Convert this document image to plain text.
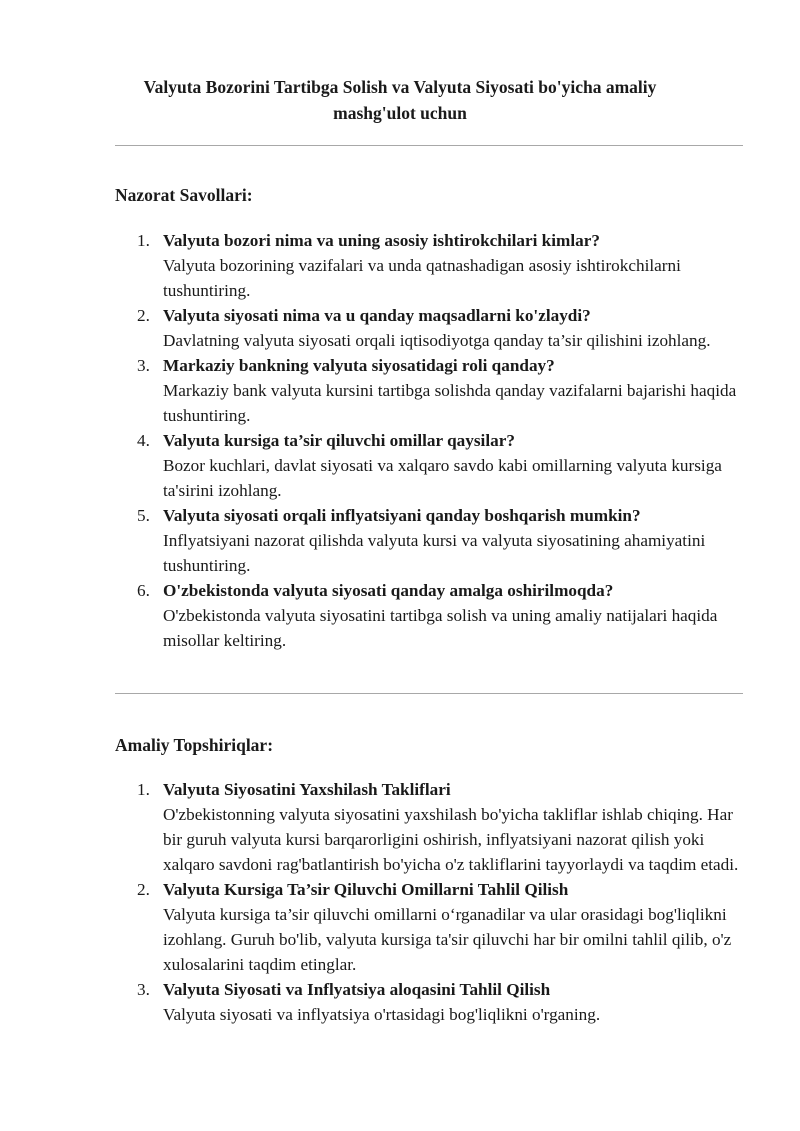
Valyuta Bozorini Tartibga Solish va Valyuta Siyosati bo'yicha amaliy
mashg'ulot uchun
Nazorat Savollari:
1. Valyuta bozori nima va uning asosiy ishtirokchilari kimlar?
Valyuta bozorining vazifalari va unda qatnashadigan asosiy ishtirokchilarni tushuntiring.
2. Valyuta siyosati nima va u qanday maqsadlarni ko'zlaydi?
Davlatning valyuta siyosati orqali iqtisodiyotga qanday ta’sir qilishini izohlang.
3. Markaziy bankning valyuta siyosatidagi roli qanday?
Markaziy bank valyuta kursini tartibga solishda qanday vazifalarni bajarishi haqida tushuntiring.
4. Valyuta kursiga ta’sir qiluvchi omillar qaysilar?
Bozor kuchlari, davlat siyosati va xalqaro savdo kabi omillarning valyuta kursiga ta'sirini izohlang.
5. Valyuta siyosati orqali inflyatsiyani qanday boshqarish mumkin?
Inflyatsiyani nazorat qilishda valyuta kursi va valyuta siyosatining ahamiyatini tushuntiring.
6. O'zbekistonda valyuta siyosati qanday amalga oshirilmoqda?
O'zbekistonda valyuta siyosatini tartibga solish va uning amaliy natijalari haqida misollar keltiring.
Amaliy Topshiriqlar:
1. Valyuta Siyosatini Yaxshilash Takliflari
O'zbekistonning valyuta siyosatini yaxshilash bo'yicha takliflar ishlab chiqing. Har bir guruh valyuta kursi barqarorligini oshirish, inflyatsiyani nazorat qilish yoki xalqaro savdoni rag'batlantirish bo'yicha o'z takliflarini tayyorlaydi va taqdim etadi.
2. Valyuta Kursiga Ta’sir Qiluvchi Omillarni Tahlil Qilish
Valyuta kursiga ta’sir qiluvchi omillarni o‘rganadilar va ular orasidagi bog'liqlikni izohlang. Guruh bo'lib, valyuta kursiga ta'sir qiluvchi har bir omilni tahlil qilib, o'z xulosalarini taqdim etinglar.
3. Valyuta Siyosati va Inflyatsiya aloqasini Tahlil Qilish
Valyuta siyosati va inflyatsiya o'rtasidagi bog'liqlikni o'rganing.
